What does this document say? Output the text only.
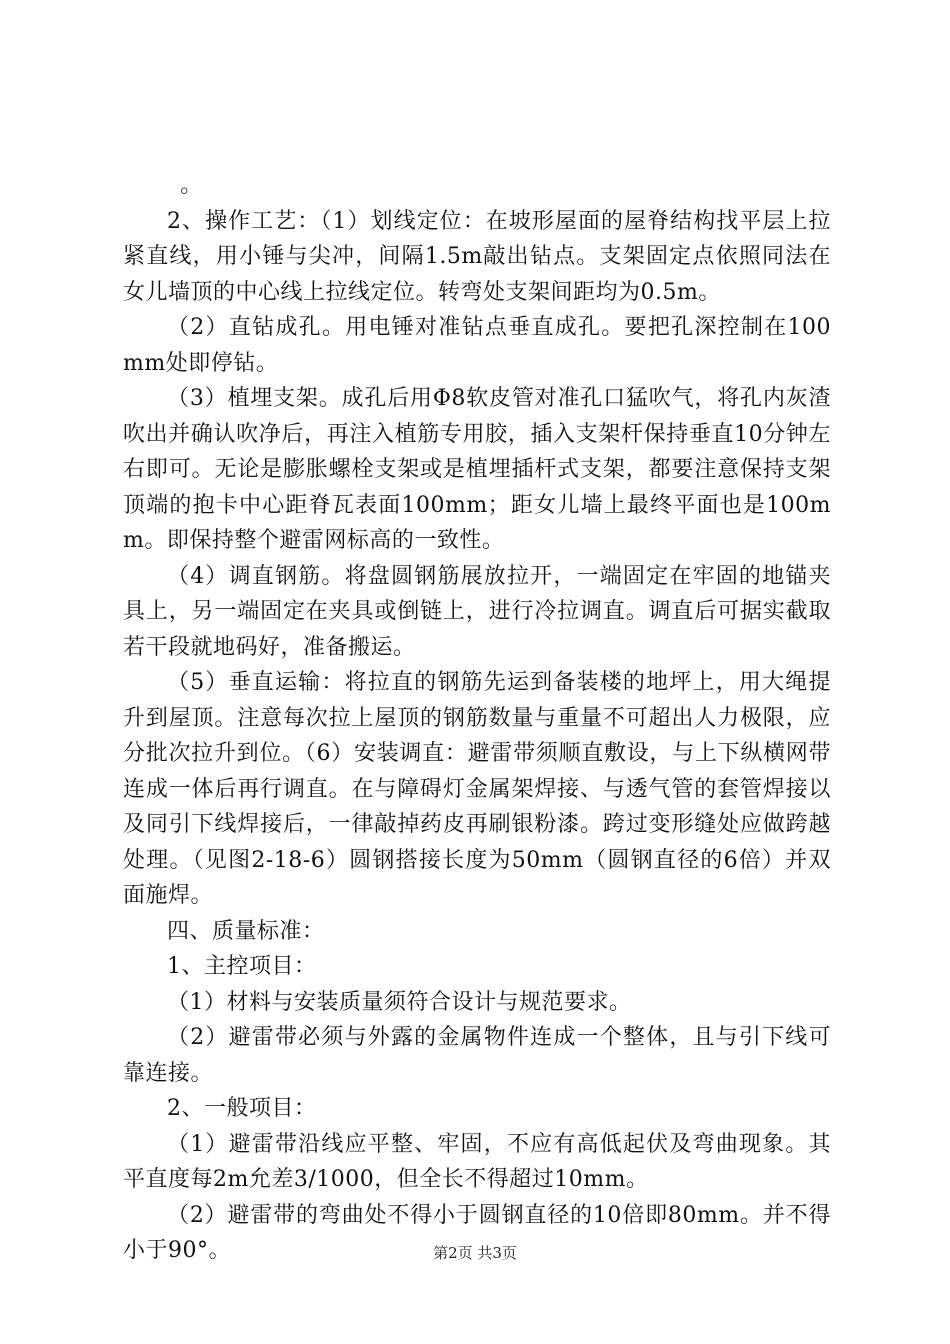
。

2、操作工艺：（1）划线定位：在坡形屋面的屋脊结构找平层上拉紧直线，用小锤与尖冲，间隔1.5m敲出钻点。支架固定点依照同法在女儿墙顶的中心线上拉线定位。转弯处支架间距均为0.5m。

（2）直钻成孔。用电锤对准钻点垂直成孔。要把孔深控制在100mm处即停钻。

（3）植埋支架。成孔后用Φ8软皮管对准孔口猛吹气，将孔内灰渣吹出并确认吹净后，再注入植筋专用胶，插入支架杆保持垂直10分钟左右即可。无论是膨胀螺栓支架或是植埋插杆式支架，都要注意保持支架顶端的抱卡中心距脊瓦表面100mm；距女儿墙上最终平面也是100mm。即保持整个避雷网标高的一致性。

（4）调直钢筋。将盘圆钢筋展放拉开，一端固定在牢固的地锚夹具上，另一端固定在夹具或倒链上，进行冷拉调直。调直后可据实截取若干段就地码好，准备搬运。

（5）垂直运输：将拉直的钢筋先运到备装楼的地坪上，用大绳提升到屋顶。注意每次拉上屋顶的钢筋数量与重量不可超出人力极限，应分批次拉升到位。（6）安装调直：避雷带须顺直敷设，与上下纵横网带连成一体后再行调直。在与障碍灯金属架焊接、与透气管的套管焊接以及同引下线焊接后，一律敲掉药皮再刷银粉漆。跨过变形缝处应做跨越处理。（见图2-18-6）圆钢搭接长度为50mm（圆钢直径的6倍）并双面施焊。

四、质量标准：

1、主控项目：

（1）材料与安装质量须符合设计与规范要求。

（2）避雷带必须与外露的金属物件连成一个整体，且与引下线可靠连接。

2、一般项目：

（1）避雷带沿线应平整、牢固，不应有高低起伏及弯曲现象。其平直度每2m允差3/1000，但全长不得超过10mm。

（2）避雷带的弯曲处不得小于圆钢直径的10倍即80mm。并不得小于90°。	第2页 共3页
